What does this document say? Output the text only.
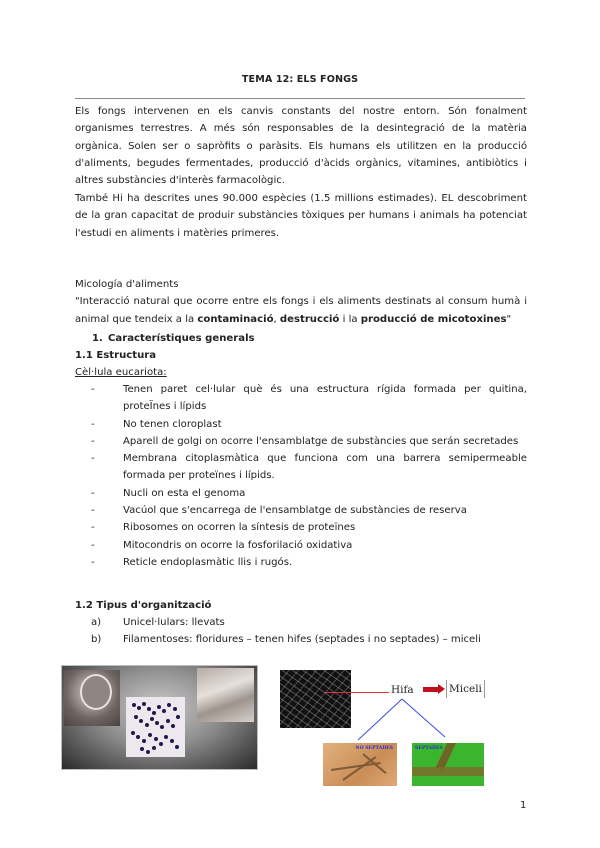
TEMA 12: ELS FONGS
Els fongs intervenen en els canvis constants del nostre entorn. Són fonalment organismes terrestres. A més són responsables de la desintegració de la matèria orgànica. Solen ser o sapròfits o paràsits. Els humans els utilitzen en la producció d'aliments, begudes fermentades, producció d'àcids orgànics, vitamines, antibiòtics i altres substàncies d'interès farmacològic.
També Hi ha descrites unes 90.000 espècies (1.5 millions estimades). EL descobriment de la gran capacitat de produir substàncies tòxiques per humans i animals ha potenciat l'estudi en aliments i matèries primeres.

Micología d'aliments

"Interacció natural que ocorre entre els fongs i els aliments destinats al consum humà i animal que tendeix a la contaminació, destrucció i la producció de micotoxines"

1. Característiques generals
1.1 Estructura
Cèl·lula eucariota:
-	Tenen paret cel·lular què és una estructura rígida formada per quitina, proteÏnes i lípids
-	No tenen cloroplast
-	Aparell de golgi on ocorre l'ensamblatge de substàncies que serán secretades
-	Membrana citoplasmàtica que funciona com una barrera semipermeable formada per proteïnes i lípids.
-	Nucli on esta el genoma
-	Vacúol que s'encarrega de l'ensamblatge de substàncies de reserva
-	Ribosomes on ocorren la síntesis de proteïnes
-	Mitocondris on ocorre la fosforilació oxidativa
-	Reticle endoplasmàtic llis i rugós.
1.2 Tipus d'organització
a) Unicel·lulars: llevats
b) Filamentoses: floridures – tenen hifes (septades i no septades) – miceli
Hifa	Miceli
NO SEPTADES	SEPTADES
1
